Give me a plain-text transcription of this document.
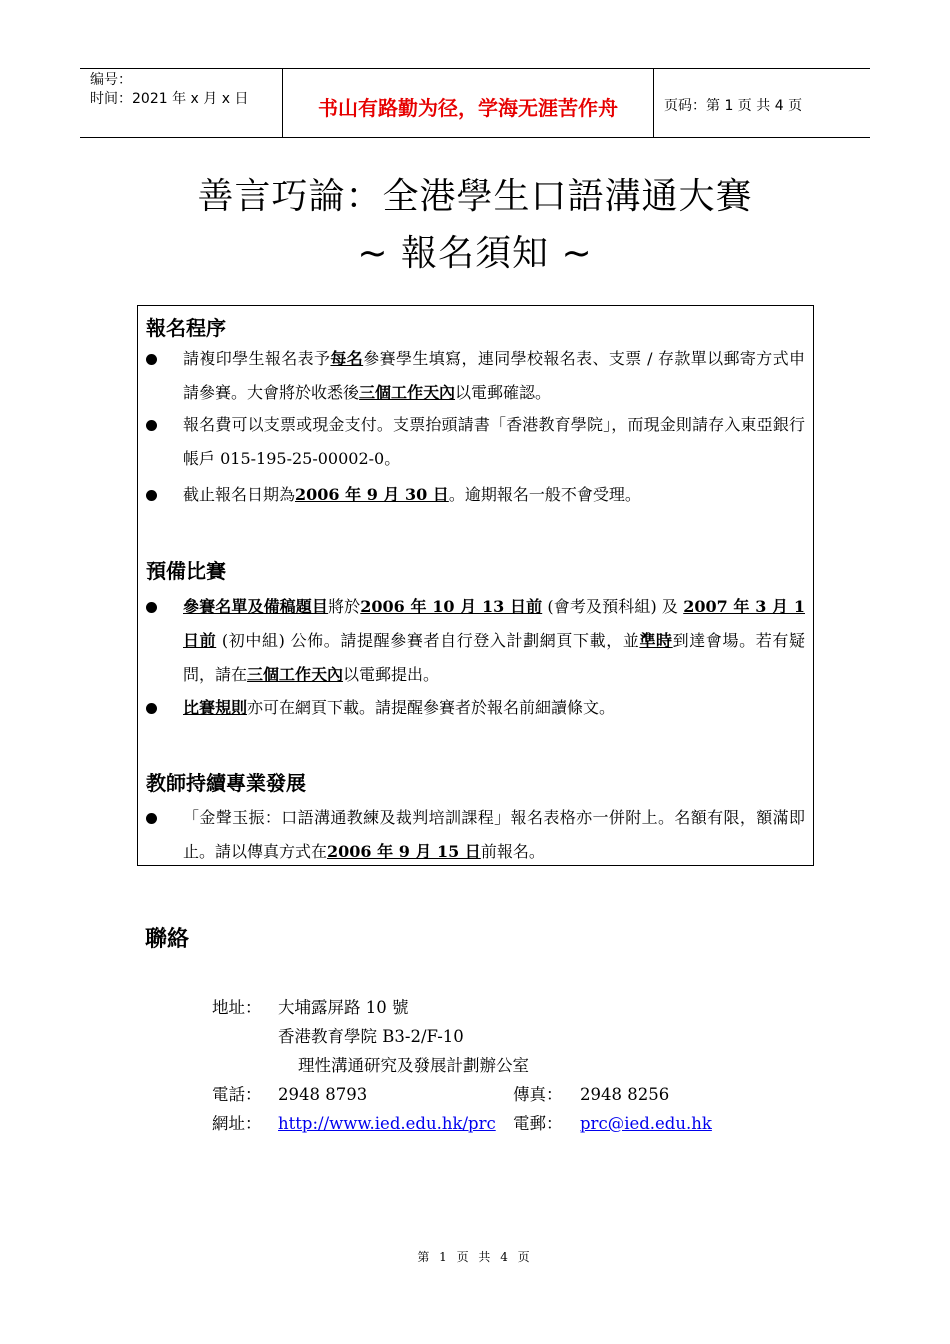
编号：
时间：2021 年 x 月 x 日	书山有路勤为径，学海无涯苦作舟	页码：第 1 页 共 4 页
善言巧論：全港學生口語溝通大賽
~ 報名須知 ~
報名程序
請複印學生報名表予每名參賽學生填寫，連同學校報名表、支票 / 存款單以郵寄方式申請參賽。大會將於收悉後三個工作天內以電郵確認。
報名費可以支票或現金支付。支票抬頭請書「香港教育學院」，而現金則請存入東亞銀行帳戶 015-195-25-00002-0。
截止報名日期為2006 年 9 月 30 日。逾期報名一般不會受理。
預備比賽
參賽名單及備稿題目將於2006 年 10 月 13 日前 (會考及預科組) 及 2007 年 3 月 1 日前 (初中組) 公佈。請提醒參賽者自行登入計劃網頁下載，並準時到達會場。若有疑問，請在三個工作天內以電郵提出。
比賽規則亦可在網頁下載。請提醒參賽者於報名前細讀條文。
教師持續專業發展
「金聲玉振：口語溝通教練及裁判培訓課程」報名表格亦一併附上。名額有限，額滿即止。請以傳真方式在2006 年 9 月 15 日前報名。
聯絡
地址： 大埔露屏路 10 號
香港教育學院 B3-2/F-10
理性溝通研究及發展計劃辦公室
電話： 2948 8793	傳真： 2948 8256
網址： http://www.ied.edu.hk/prc 電郵： prc@ied.edu.hk
第 1 页 共 4 页
